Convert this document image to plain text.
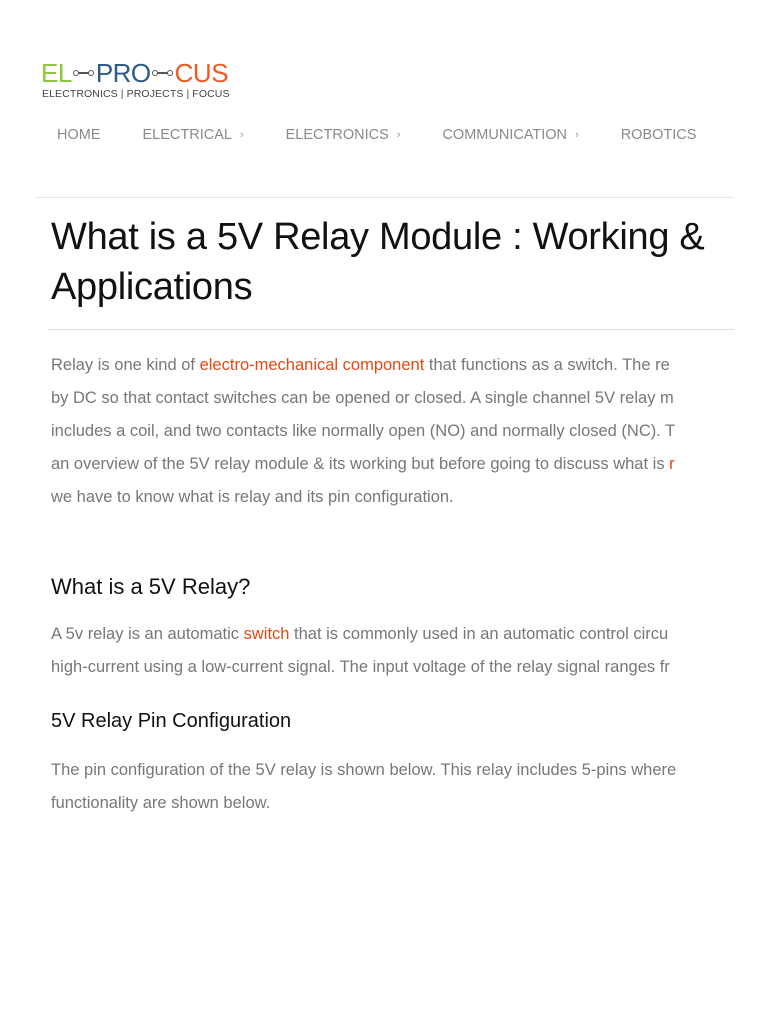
EL PRO CUS
ELECTRONICS | PROJECTS | FOCUS
HOME	ELECTRICAL ›	ELECTRONICS ›	COMMUNICATION ›	ROBOTICS
What is a 5V Relay Module : Working &
Applications

Relay is one kind of electro-mechanical component that functions as a switch. The re
by DC so that contact switches can be opened or closed. A single channel 5V relay m
includes a coil, and two contacts like normally open (NO) and normally closed (NC). T
an overview of the 5V relay module & its working but before going to discuss what is r
we have to know what is relay and its pin configuration.

What is a 5V Relay?

A 5v relay is an automatic switch that is commonly used in an automatic control circu
high-current using a low-current signal. The input voltage of the relay signal ranges fr

5V Relay Pin Configuration

The pin configuration of the 5V relay is shown below. This relay includes 5-pins where
functionality are shown below.
